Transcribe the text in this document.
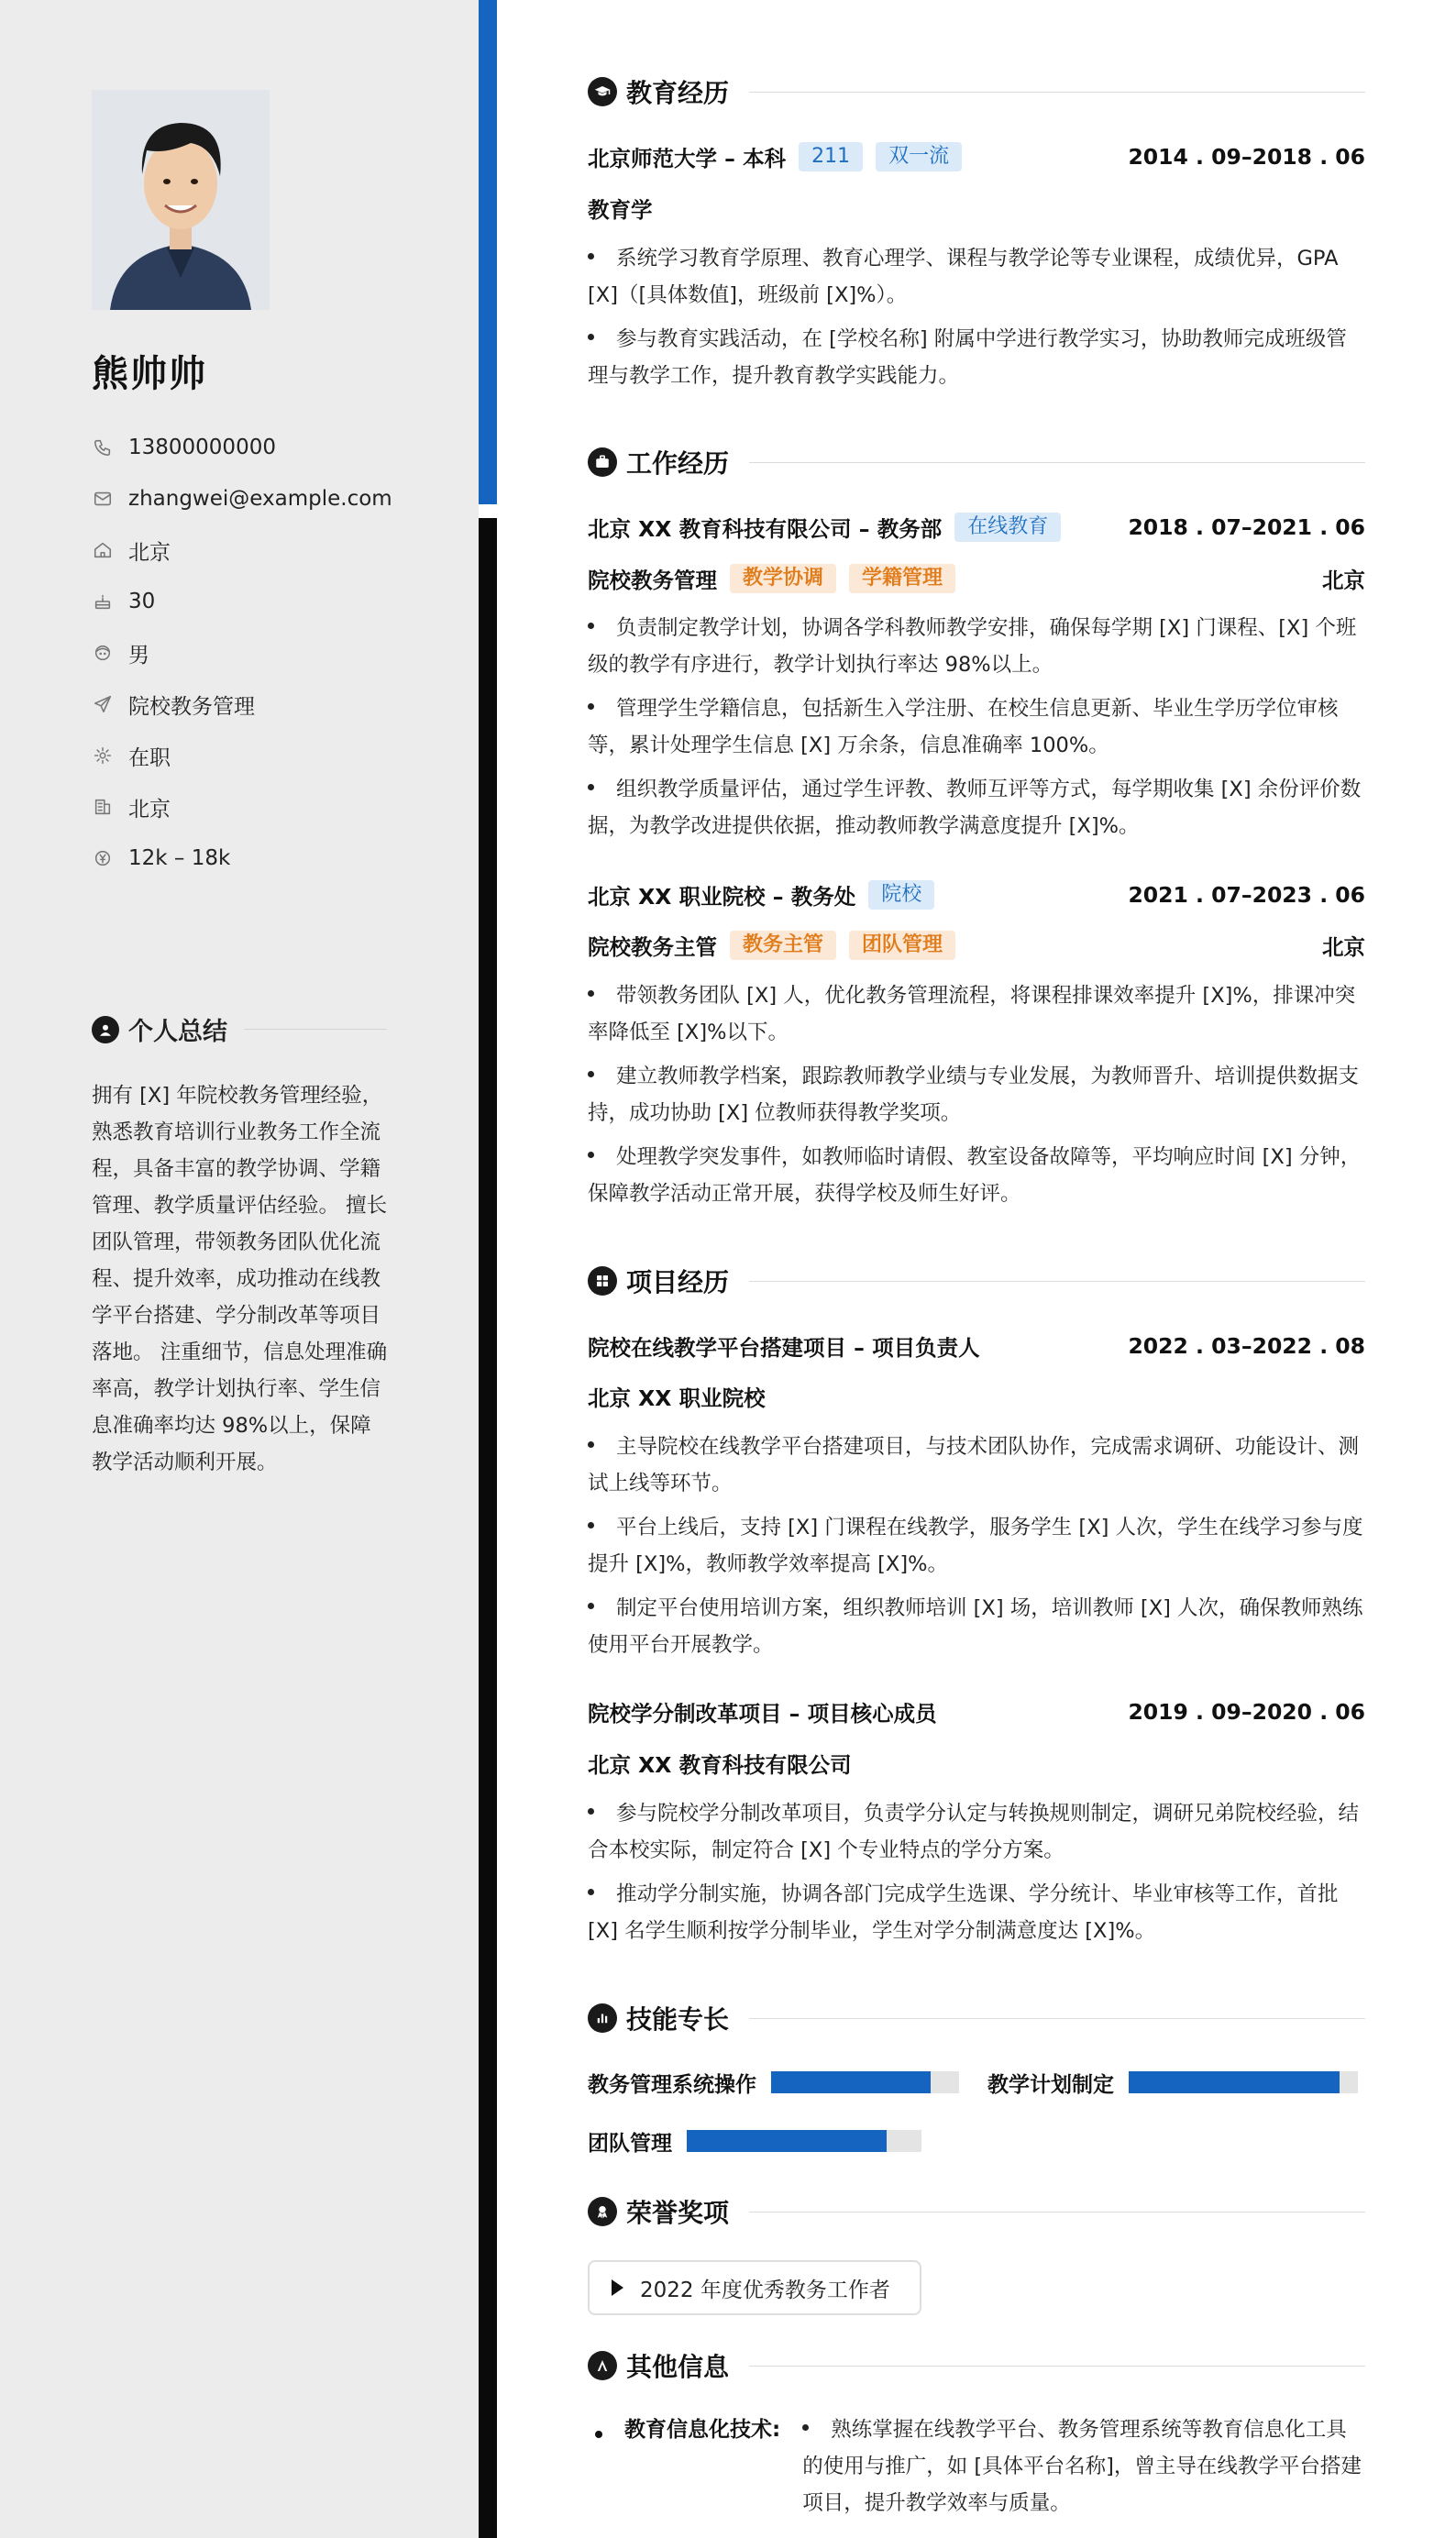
熊帅帅
13800000000
zhangwei@example.com
北京
30
男
院校教务管理
在职
北京
12k – 18k
个人总结
拥有 [X] 年院校教务管理经验，熟悉教育培训行业教务工作全流程，具备丰富的教学协调、学籍管理、教学质量评估经验。 擅长团队管理，带领教务团队优化流程、提升效率，成功推动在线教学平台搭建、学分制改革等项目落地。 注重细节，信息处理准确率高，教学计划执行率、学生信息准确率均达 98%以上，保障教学活动顺利开展。
教育经历
北京师范大学 – 本科	211	双一流	2014 . 09–2018 . 06
教育学
系统学习教育学原理、教育心理学、课程与教学论等专业课程，成绩优异，GPA [X]（[具体数值]，班级前 [X]%）。
参与教育实践活动，在 [学校名称] 附属中学进行教学实习，协助教师完成班级管理与教学工作，提升教育教学实践能力。
工作经历
北京 XX 教育科技有限公司 – 教务部	在线教育	2018 . 07–2021 . 06
院校教务管理	教学协调	学籍管理	北京
负责制定教学计划，协调各学科教师教学安排，确保每学期 [X] 门课程、[X] 个班级的教学有序进行，教学计划执行率达 98%以上。
管理学生学籍信息，包括新生入学注册、在校生信息更新、毕业生学历学位审核等，累计处理学生信息 [X] 万余条，信息准确率 100%。
组织教学质量评估，通过学生评教、教师互评等方式，每学期收集 [X] 余份评价数据，为教学改进提供依据，推动教师教学满意度提升 [X]%。
北京 XX 职业院校 – 教务处	院校	2021 . 07–2023 . 06
院校教务主管	教务主管	团队管理	北京
带领教务团队 [X] 人，优化教务管理流程，将课程排课效率提升 [X]%，排课冲突率降低至 [X]%以下。
建立教师教学档案，跟踪教师教学业绩与专业发展，为教师晋升、培训提供数据支持，成功协助 [X] 位教师获得教学奖项。
处理教学突发事件，如教师临时请假、教室设备故障等，平均响应时间 [X] 分钟，保障教学活动正常开展，获得学校及师生好评。
项目经历
院校在线教学平台搭建项目 – 项目负责人	2022 . 03–2022 . 08
北京 XX 职业院校
主导院校在线教学平台搭建项目，与技术团队协作，完成需求调研、功能设计、测试上线等环节。
平台上线后，支持 [X] 门课程在线教学，服务学生 [X] 人次，学生在线学习参与度提升 [X]%，教师教学效率提高 [X]%。
制定平台使用培训方案，组织教师培训 [X] 场，培训教师 [X] 人次，确保教师熟练使用平台开展教学。
院校学分制改革项目 – 项目核心成员	2019 . 09–2020 . 06
北京 XX 教育科技有限公司
参与院校学分制改革项目，负责学分认定与转换规则制定，调研兄弟院校经验，结合本校实际，制定符合 [X] 个专业特点的学分方案。
推动学分制实施，协调各部门完成学生选课、学分统计、毕业审核等工作，首批 [X] 名学生顺利按学分制毕业，学生对学分制满意度达 [X]%。
技能专长
教务管理系统操作	教学计划制定
团队管理
荣誉奖项
2022 年度优秀教务工作者
其他信息
教育信息化技术:	熟练掌握在线教学平台、教务管理系统等教育信息化工具的使用与推广，如 [具体平台名称]，曾主导在线教学平台搭建项目，提升教学效率与质量。
